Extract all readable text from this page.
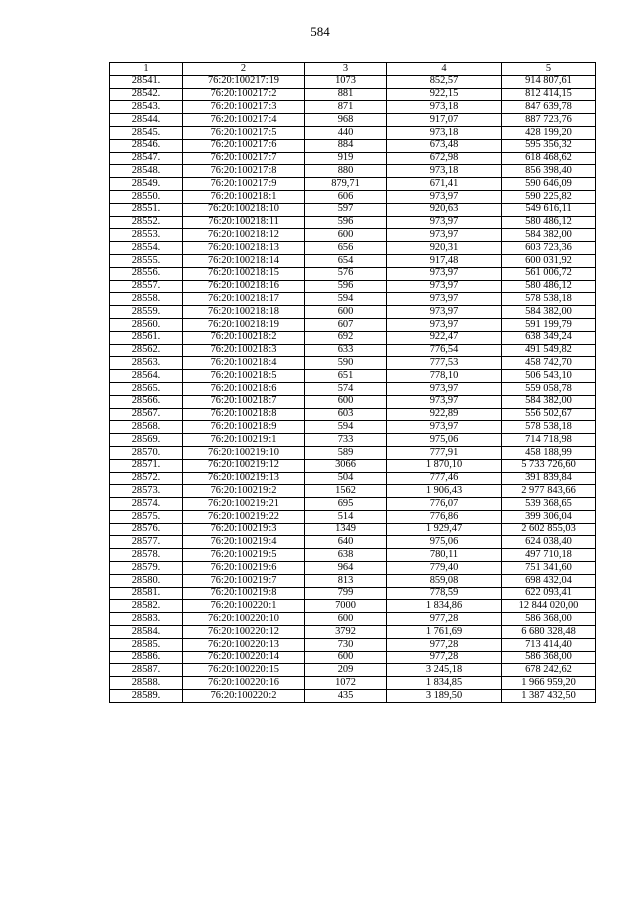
584
1	2	3	4	5
28541.	76:20:100217:19	1073	852,57	914 807,61
28542.	76:20:100217:2	881	922,15	812 414,15
28543.	76:20:100217:3	871	973,18	847 639,78
28544.	76:20:100217:4	968	917,07	887 723,76
28545.	76:20:100217:5	440	973,18	428 199,20
28546.	76:20:100217:6	884	673,48	595 356,32
28547.	76:20:100217:7	919	672,98	618 468,62
28548.	76:20:100217:8	880	973,18	856 398,40
28549.	76:20:100217:9	879,71	671,41	590 646,09
28550.	76:20:100218:1	606	973,97	590 225,82
28551.	76:20:100218:10	597	920,63	549 616,11
28552.	76:20:100218:11	596	973,97	580 486,12
28553.	76:20:100218:12	600	973,97	584 382,00
28554.	76:20:100218:13	656	920,31	603 723,36
28555.	76:20:100218:14	654	917,48	600 031,92
28556.	76:20:100218:15	576	973,97	561 006,72
28557.	76:20:100218:16	596	973,97	580 486,12
28558.	76:20:100218:17	594	973,97	578 538,18
28559.	76:20:100218:18	600	973,97	584 382,00
28560.	76:20:100218:19	607	973,97	591 199,79
28561.	76:20:100218:2	692	922,47	638 349,24
28562.	76:20:100218:3	633	776,54	491 549,82
28563.	76:20:100218:4	590	777,53	458 742,70
28564.	76:20:100218:5	651	778,10	506 543,10
28565.	76:20:100218:6	574	973,97	559 058,78
28566.	76:20:100218:7	600	973,97	584 382,00
28567.	76:20:100218:8	603	922,89	556 502,67
28568.	76:20:100218:9	594	973,97	578 538,18
28569.	76:20:100219:1	733	975,06	714 718,98
28570.	76:20:100219:10	589	777,91	458 188,99
28571.	76:20:100219:12	3066	1 870,10	5 733 726,60
28572.	76:20:100219:13	504	777,46	391 839,84
28573.	76:20:100219:2	1562	1 906,43	2 977 843,66
28574.	76:20:100219:21	695	776,07	539 368,65
28575.	76:20:100219:22	514	776,86	399 306,04
28576.	76:20:100219:3	1349	1 929,47	2 602 855,03
28577.	76:20:100219:4	640	975,06	624 038,40
28578.	76:20:100219:5	638	780,11	497 710,18
28579.	76:20:100219:6	964	779,40	751 341,60
28580.	76:20:100219:7	813	859,08	698 432,04
28581.	76:20:100219:8	799	778,59	622 093,41
28582.	76:20:100220:1	7000	1 834,86	12 844 020,00
28583.	76:20:100220:10	600	977,28	586 368,00
28584.	76:20:100220:12	3792	1 761,69	6 680 328,48
28585.	76:20:100220:13	730	977,28	713 414,40
28586.	76:20:100220:14	600	977,28	586 368,00
28587.	76:20:100220:15	209	3 245,18	678 242,62
28588.	76:20:100220:16	1072	1 834,85	1 966 959,20
28589.	76:20:100220:2	435	3 189,50	1 387 432,50
